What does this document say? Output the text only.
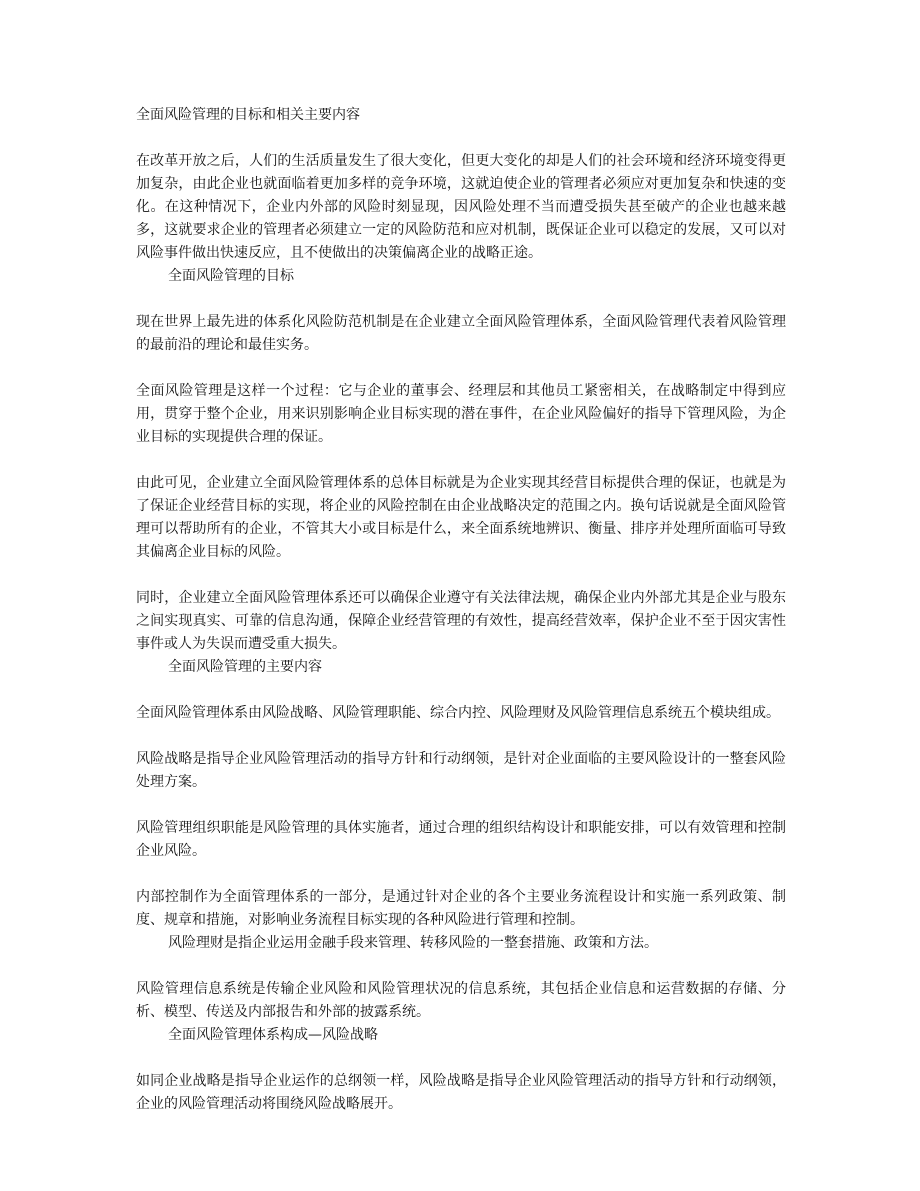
全面风险管理的目标和相关主要内容

在改革开放之后，人们的生活质量发生了很大变化，但更大变化的却是人们的社会环境和经济环境变得更加复杂，由此企业也就面临着更加多样的竞争环境，这就迫使企业的管理者必须应对更加复杂和快速的变化。在这种情况下，企业内外部的风险时刻显现，因风险处理不当而遭受损失甚至破产的企业也越来越多，这就要求企业的管理者必须建立一定的风险防范和应对机制，既保证企业可以稳定的发展，又可以对风险事件做出快速反应，且不使做出的决策偏离企业的战略正途。

全面风险管理的目标

现在世界上最先进的体系化风险防范机制是在企业建立全面风险管理体系，全面风险管理代表着风险管理的最前沿的理论和最佳实务。

全面风险管理是这样一个过程：它与企业的董事会、经理层和其他员工紧密相关，在战略制定中得到应用，贯穿于整个企业，用来识别影响企业目标实现的潜在事件，在企业风险偏好的指导下管理风险，为企业目标的实现提供合理的保证。

由此可见，企业建立全面风险管理体系的总体目标就是为企业实现其经营目标提供合理的保证，也就是为了保证企业经营目标的实现，将企业的风险控制在由企业战略决定的范围之内。换句话说就是全面风险管理可以帮助所有的企业，不管其大小或目标是什么，来全面系统地辨识、衡量、排序并处理所面临可导致其偏离企业目标的风险。

同时，企业建立全面风险管理体系还可以确保企业遵守有关法律法规，确保企业内外部尤其是企业与股东之间实现真实、可靠的信息沟通，保障企业经营管理的有效性，提高经营效率，保护企业不至于因灾害性事件或人为失误而遭受重大损失。

全面风险管理的主要内容

全面风险管理体系由风险战略、风险管理职能、综合内控、风险理财及风险管理信息系统五个模块组成。

风险战略是指导企业风险管理活动的指导方针和行动纲领，是针对企业面临的主要风险设计的一整套风险处理方案。

风险管理组织职能是风险管理的具体实施者，通过合理的组织结构设计和职能安排，可以有效管理和控制企业风险。

内部控制作为全面管理体系的一部分，是通过针对企业的各个主要业务流程设计和实施一系列政策、制度、规章和措施，对影响业务流程目标实现的各种风险进行管理和控制。

风险理财是指企业运用金融手段来管理、转移风险的一整套措施、政策和方法。

风险管理信息系统是传输企业风险和风险管理状况的信息系统，其包括企业信息和运营数据的存储、分析、模型、传送及内部报告和外部的披露系统。

全面风险管理体系构成—风险战略

如同企业战略是指导企业运作的总纲领一样，风险战略是指导企业风险管理活动的指导方针和行动纲领，企业的风险管理活动将围绕风险战略展开。
